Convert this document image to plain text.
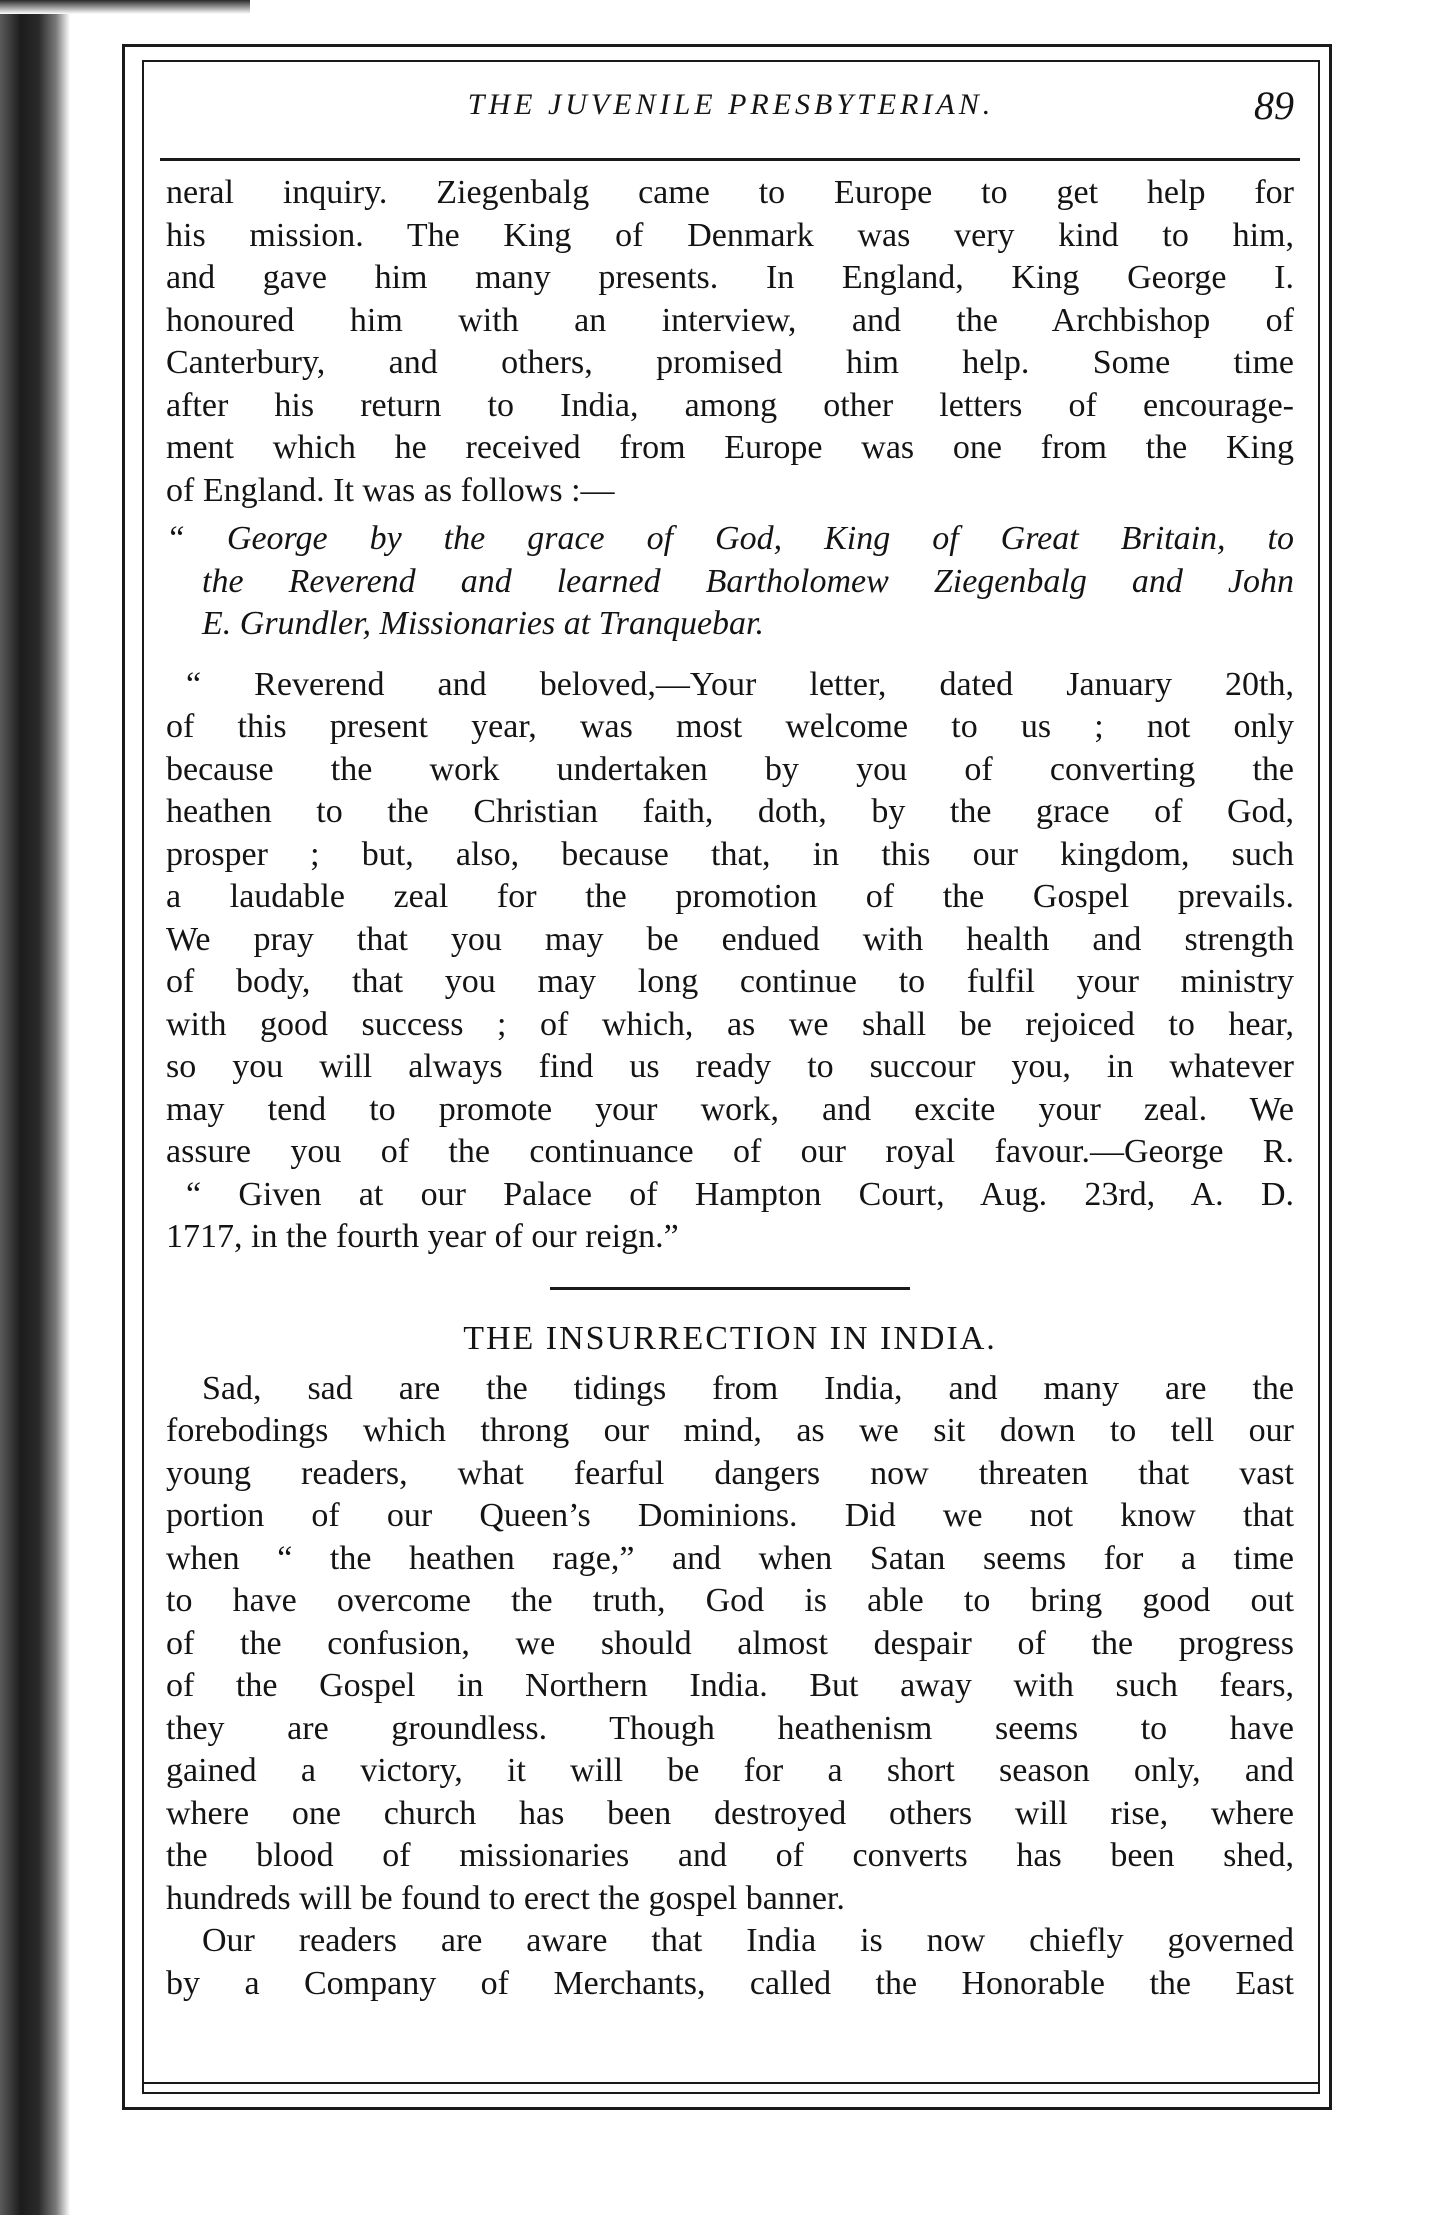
THE JUVENILE PRESBYTERIAN.	89
neral inquiry. Ziegenbalg came to Europe to get help for
his mission. The King of Denmark was very kind to him,
and gave him many presents. In England, King George I.
honoured him with an interview, and the Archbishop of
Canterbury, and others, promised him help. Some time
after his return to India, among other letters of encourage-
ment which he received from Europe was one from the King
of England. It was as follows :—
“ George by the grace of God, King of Great Britain, to
the Reverend and learned Bartholomew Ziegenbalg and John
E. Grundler, Missionaries at Tranquebar.
“ Reverend and beloved,—Your letter, dated January 20th,
of this present year, was most welcome to us ; not only
because the work undertaken by you of converting the
heathen to the Christian faith, doth, by the grace of God,
prosper ; but, also, because that, in this our kingdom, such
a laudable zeal for the promotion of the Gospel prevails.
We pray that you may be endued with health and strength
of body, that you may long continue to fulfil your ministry
with good success ; of which, as we shall be rejoiced to hear,
so you will always find us ready to succour you, in whatever
may tend to promote your work, and excite your zeal. We
assure you of the continuance of our royal favour.—George R.
“ Given at our Palace of Hampton Court, Aug. 23rd, A. D.
1717, in the fourth year of our reign.”
THE INSURRECTION IN INDIA.
Sad, sad are the tidings from India, and many are the
forebodings which throng our mind, as we sit down to tell our
young readers, what fearful dangers now threaten that vast
portion of our Queen’s Dominions. Did we not know that
when “ the heathen rage,” and when Satan seems for a time
to have overcome the truth, God is able to bring good out
of the confusion, we should almost despair of the progress
of the Gospel in Northern India. But away with such fears,
they are groundless. Though heathenism seems to have
gained a victory, it will be for a short season only, and
where one church has been destroyed others will rise, where
the blood of missionaries and of converts has been shed,
hundreds will be found to erect the gospel banner.
Our readers are aware that India is now chiefly governed
by a Company of Merchants, called the Honorable the East
